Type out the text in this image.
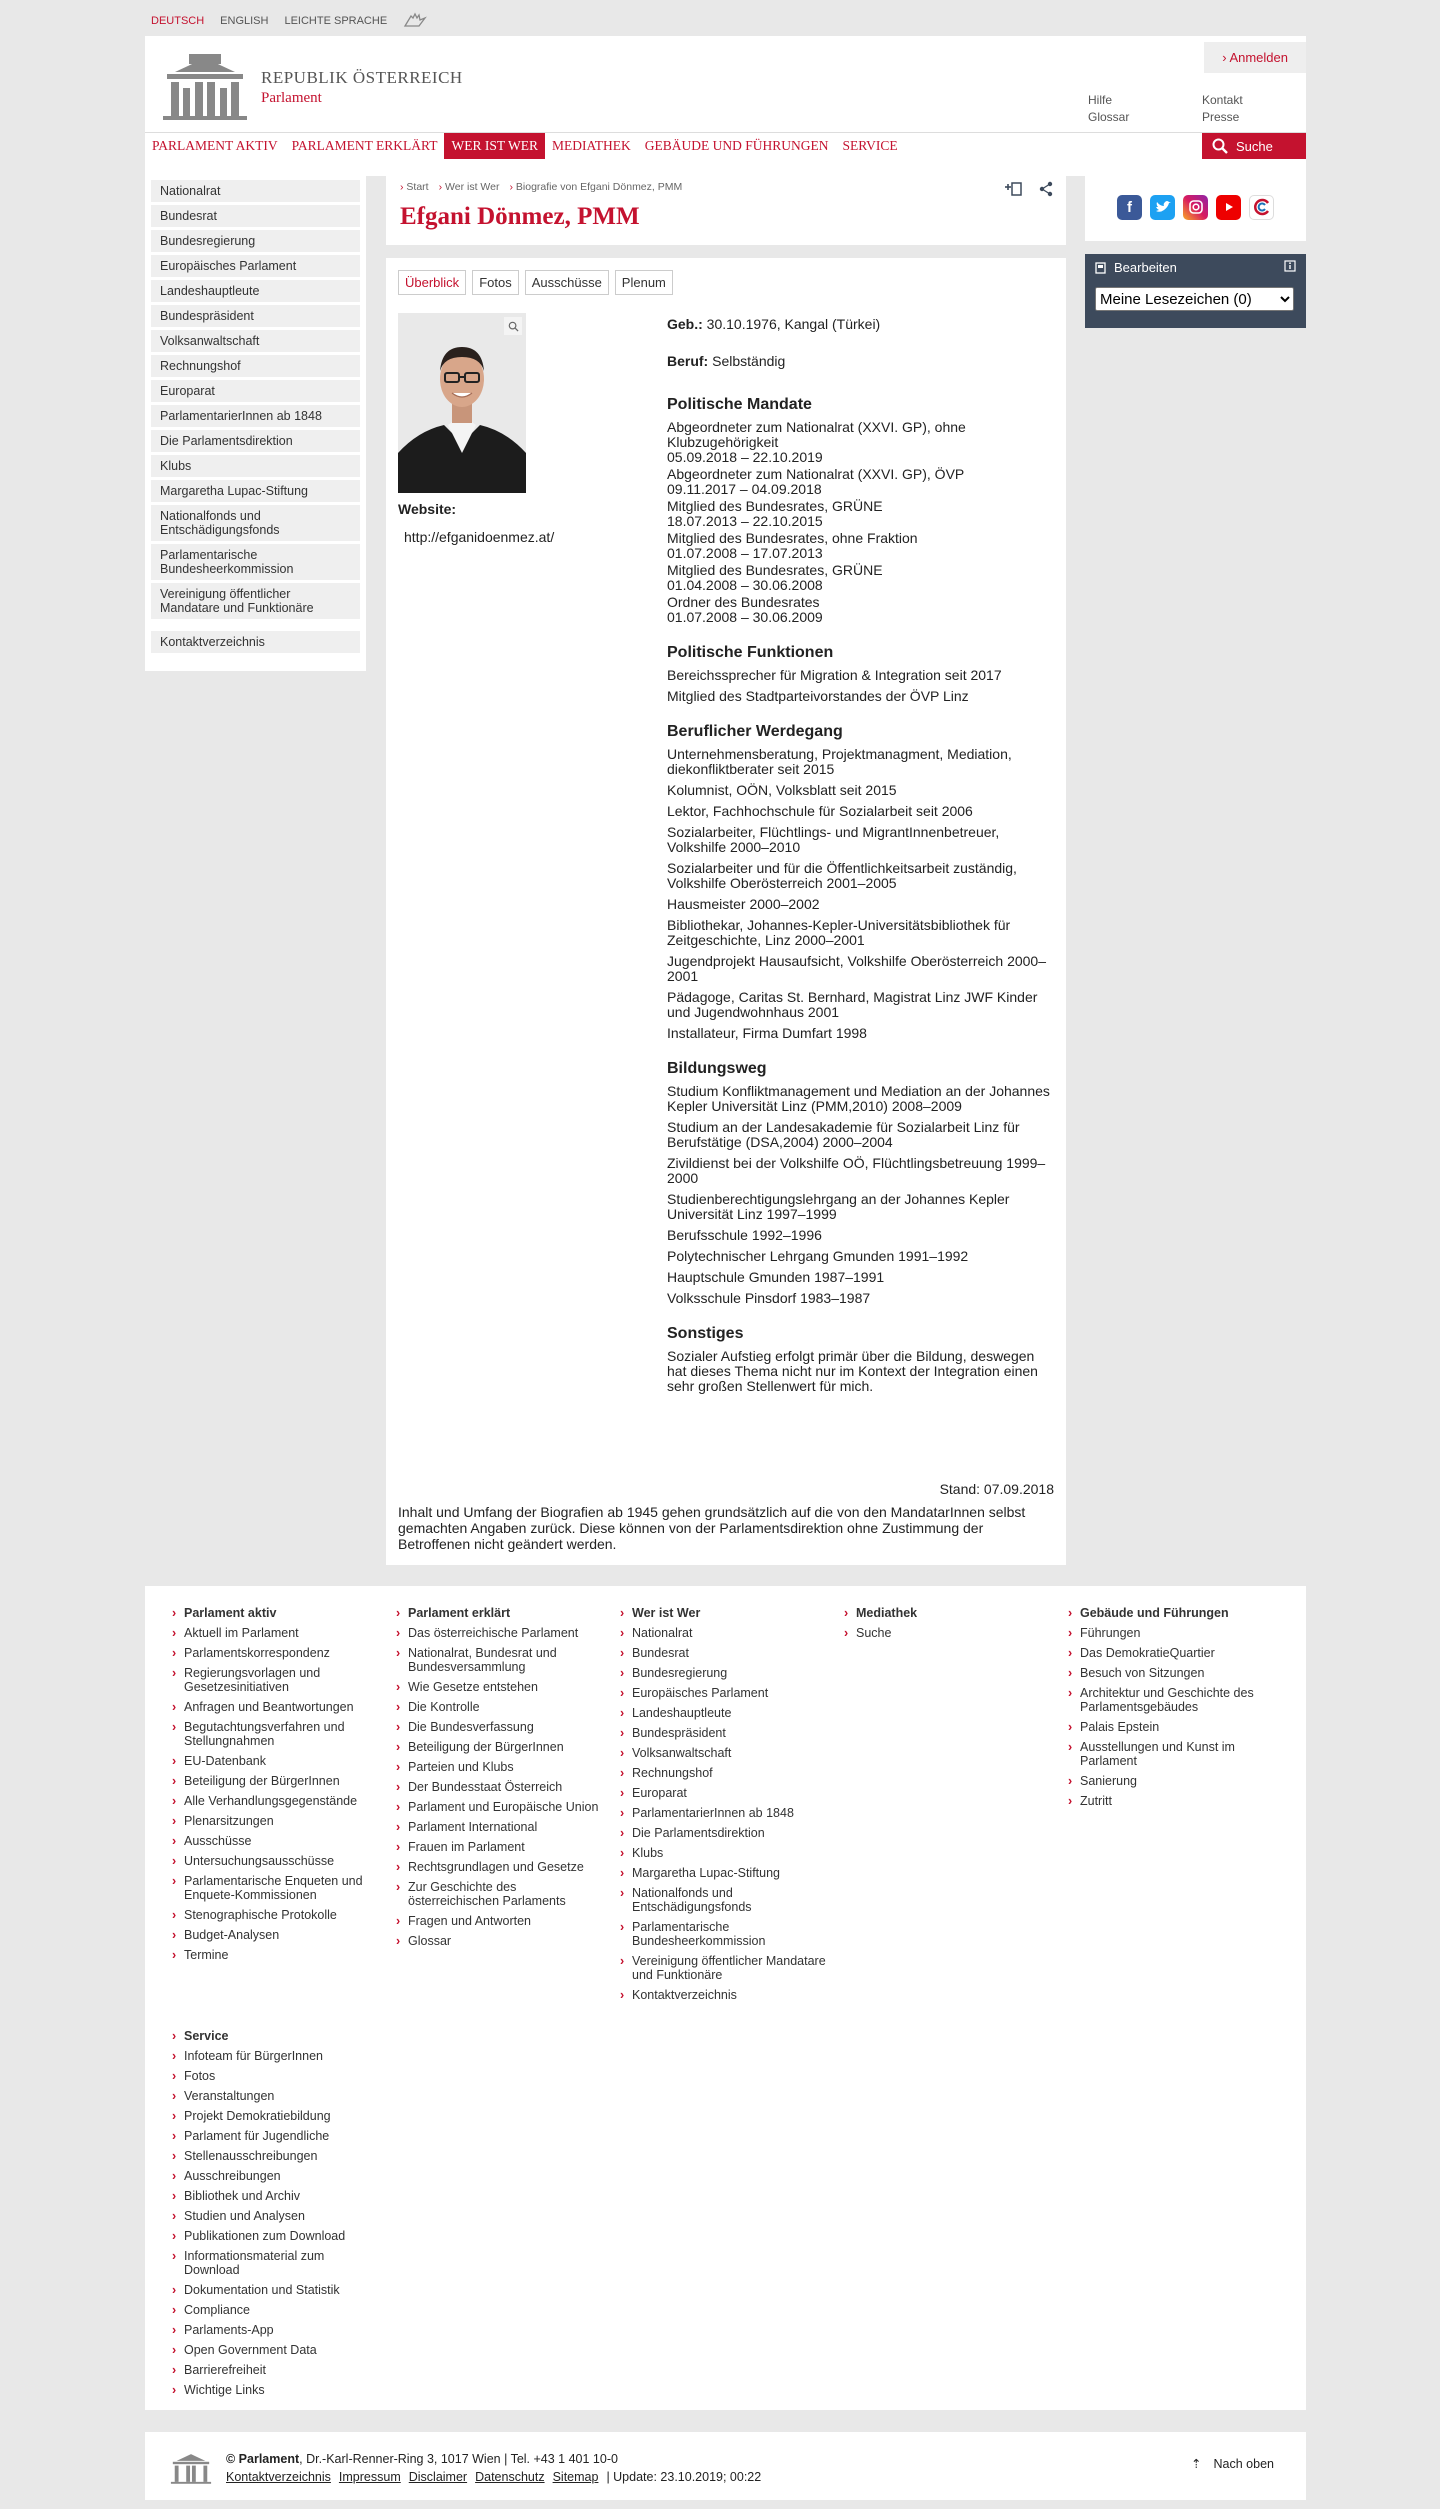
DEUTSCH ENGLISH LEICHTE SPRACHE
REPUBLIK ÖSTERREICH
Parlament
› Anmelden
Hilfe
Glossar
Kontakt
Presse
PARLAMENT AKTIV	PARLAMENT ERKLÄRT	WER IST WER	MEDIATHEK	GEBÄUDE UND FÜHRUNGEN	SERVICE	Suche
Nationalrat
Bundesrat
Bundesregierung
Europäisches Parlament
Landeshauptleute
Bundespräsident
Volksanwaltschaft
Rechnungshof
Europarat
ParlamentarierInnen ab 1848
Die Parlamentsdirektion
Klubs
Margaretha Lupac-Stiftung
Nationalfonds und Entschädigungsfonds
Parlamentarische Bundesheerkommission
Vereinigung öffentlicher Mandatare und Funktionäre
Kontaktverzeichnis
› Start › Wer ist Wer › Biografie von Efgani Dönmez, PMM
Efgani Dönmez, PMM
Überblick	Fotos	Ausschüsse	Plenum
Website:
http://efganidoenmez.at/
Geb.: 30.10.1976, Kangal (Türkei)
Beruf: Selbständig
Politische Mandate
Abgeordneter zum Nationalrat (XXVI. GP), ohne Klubzugehörigkeit
05.09.2018 – 22.10.2019
Abgeordneter zum Nationalrat (XXVI. GP), ÖVP
09.11.2017 – 04.09.2018
Mitglied des Bundesrates, GRÜNE
18.07.2013 – 22.10.2015
Mitglied des Bundesrates, ohne Fraktion
01.07.2008 – 17.07.2013
Mitglied des Bundesrates, GRÜNE
01.04.2008 – 30.06.2008
Ordner des Bundesrates
01.07.2008 – 30.06.2009
Politische Funktionen
Bereichssprecher für Migration & Integration seit 2017
Mitglied des Stadtparteivorstandes der ÖVP Linz
Beruflicher Werdegang
Unternehmensberatung, Projektmanagment, Mediation, diekonfliktberater seit 2015
Kolumnist, OÖN, Volksblatt seit 2015
Lektor, Fachhochschule für Sozialarbeit seit 2006
Sozialarbeiter, Flüchtlings- und MigrantInnenbetreuer, Volkshilfe 2000–2010
Sozialarbeiter und für die Öffentlichkeitsarbeit zuständig, Volkshilfe Oberösterreich 2001–2005
Hausmeister 2000–2002
Bibliothekar, Johannes-Kepler-Universitätsbibliothek für Zeitgeschichte, Linz 2000–2001
Jugendprojekt Hausaufsicht, Volkshilfe Oberösterreich 2000–2001
Pädagoge, Caritas St. Bernhard, Magistrat Linz JWF Kinder und Jugendwohnhaus 2001
Installateur, Firma Dumfart 1998
Bildungsweg
Studium Konfliktmanagement und Mediation an der Johannes Kepler Universität Linz (PMM,2010) 2008–2009
Studium an der Landesakademie für Sozialarbeit Linz für Berufstätige (DSA,2004) 2000–2004
Zivildienst bei der Volkshilfe OÖ, Flüchtlingsbetreuung 1999–2000
Studienberechtigungslehrgang an der Johannes Kepler Universität Linz 1997–1999
Berufsschule 1992–1996
Polytechnischer Lehrgang Gmunden 1991–1992
Hauptschule Gmunden 1987–1991
Volksschule Pinsdorf 1983–1987
Sonstiges
Sozialer Aufstieg erfolgt primär über die Bildung, deswegen hat dieses Thema nicht nur im Kontext der Integration einen sehr großen Stellenwert für mich.
Stand: 07.09.2018
Inhalt und Umfang der Biografien ab 1945 gehen grundsätzlich auf die von den MandatarInnen selbst gemachten Angaben zurück. Diese können von der Parlamentsdirektion ohne Zustimmung der Betroffenen nicht geändert werden.
f
Bearbeiten
Meine Lesezeichen (0)
› Parlament aktiv
› Aktuell im Parlament
› Parlamentskorrespondenz
› Regierungsvorlagen und Gesetzesinitiativen
› Anfragen und Beantwortungen
› Begutachtungsverfahren und Stellungnahmen
› EU-Datenbank
› Beteiligung der BürgerInnen
› Alle Verhandlungsgegenstände
› Plenarsitzungen
› Ausschüsse
› Untersuchungsausschüsse
› Parlamentarische Enqueten und Enquete-Kommissionen
› Stenographische Protokolle
› Budget-Analysen
› Termine
› Parlament erklärt
› Das österreichische Parlament
› Nationalrat, Bundesrat und Bundesversammlung
› Wie Gesetze entstehen
› Die Kontrolle
› Die Bundesverfassung
› Beteiligung der BürgerInnen
› Parteien und Klubs
› Der Bundesstaat Österreich
› Parlament und Europäische Union
› Parlament International
› Frauen im Parlament
› Rechtsgrundlagen und Gesetze
› Zur Geschichte des österreichischen Parlaments
› Fragen und Antworten
› Glossar
› Wer ist Wer
› Nationalrat
› Bundesrat
› Bundesregierung
› Europäisches Parlament
› Landeshauptleute
› Bundespräsident
› Volksanwaltschaft
› Rechnungshof
› Europarat
› ParlamentarierInnen ab 1848
› Die Parlamentsdirektion
› Klubs
› Margaretha Lupac-Stiftung
› Nationalfonds und Entschädigungsfonds
› Parlamentarische Bundesheerkommission
› Vereinigung öffentlicher Mandatare und Funktionäre
› Kontaktverzeichnis
› Mediathek
› Suche
› Gebäude und Führungen
› Führungen
› Das DemokratieQuartier
› Besuch von Sitzungen
› Architektur und Geschichte des Parlamentsgebäudes
› Palais Epstein
› Ausstellungen und Kunst im Parlament
› Sanierung
› Zutritt
› Service
› Infoteam für BürgerInnen
› Fotos
› Veranstaltungen
› Projekt Demokratiebildung
› Parlament für Jugendliche
› Stellenausschreibungen
› Ausschreibungen
› Bibliothek und Archiv
› Studien und Analysen
› Publikationen zum Download
› Informationsmaterial zum Download
› Dokumentation und Statistik
› Compliance
› Parlaments-App
› Open Government Data
› Barrierefreiheit
› Wichtige Links
© Parlament, Dr.-Karl-Renner-Ring 3, 1017 Wien | Tel. +43 1 401 10-0
Kontaktverzeichnis Impressum Disclaimer Datenschutz Sitemap | Update: 23.10.2019; 00:22
⇡ Nach oben
